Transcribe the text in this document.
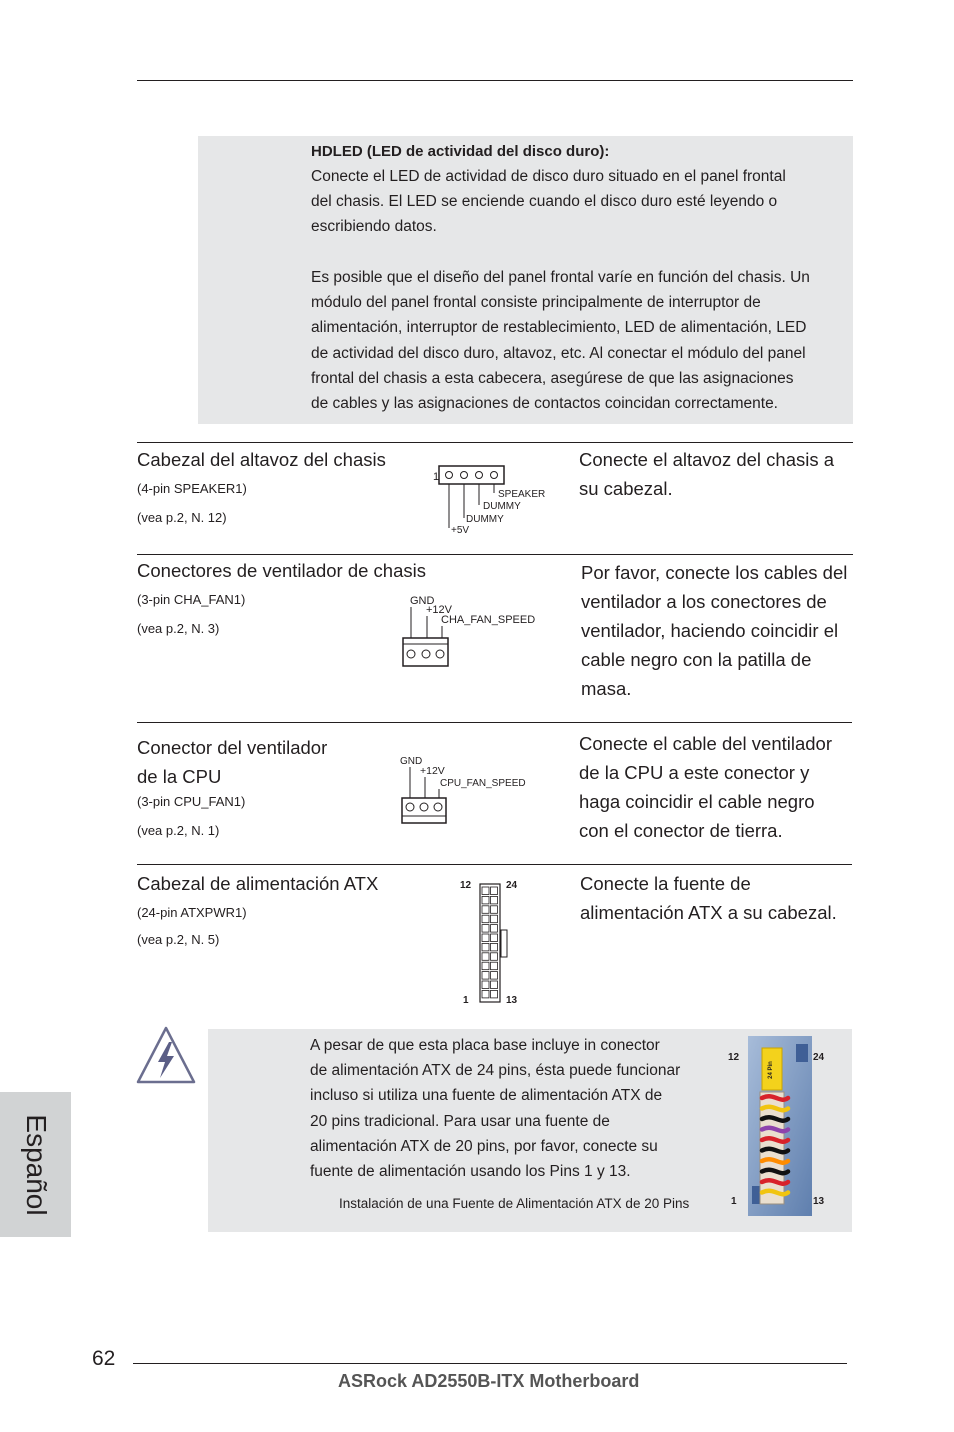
HDLED (LED de actividad del disco duro):
Conecte el LED de actividad de disco duro situado en el panel frontal
del chasis. El LED se enciende cuando el disco duro esté leyendo o
escribiendo datos.
Es posible que el diseño del panel frontal varíe en función del chasis. Un
módulo del panel frontal consiste principalmente de interruptor de
alimentación, interruptor de restablecimiento, LED de alimentación, LED
de actividad del disco duro, altavoz, etc. Al conectar el módulo del panel
frontal del chasis a esta cabecera, asegúrese de que las asignaciones
de cables y las asignaciones de contactos coincidan correctamente.
Cabezal del altavoz del chasis
(4-pin SPEAKER1)
(vea p.2, N. 12)
Conecte el altavoz del chasis a
su cabezal.
1
SPEAKER
DUMMY
DUMMY
+5V
Conectores de ventilador de chasis
(3-pin CHA_FAN1)
(vea p.2, N. 3)
Por favor, conecte los cables del
ventilador a los conectores de
ventilador, haciendo coincidir el
cable negro con la patilla de
masa.
GND
+12V
CHA_FAN_SPEED
Conector del ventilador
de la CPU
(3-pin CPU_FAN1)
(vea p.2, N. 1)
Conecte el cable del ventilador
de la CPU a este conector y
haga coincidir el cable negro
con el conector de tierra.
GND
+12V
CPU_FAN_SPEED
Cabezal de alimentación ATX
(24-pin ATXPWR1)
(vea p.2, N. 5)
Conecte la fuente de
alimentación ATX a su cabezal.
12	24
1	13
A pesar de que esta placa base incluye in conector
de alimentación ATX de 24 pins, ésta puede funcionar
incluso si utiliza una fuente de alimentación ATX de
20 pins tradicional. Para usar una fuente de
alimentación ATX de 20 pins, por favor, conecte su
fuente de alimentación usando los Pins 1 y 13.
Instalación de una Fuente de Alimentación ATX de 20 Pins
24 Pin
12	24
1	13
Español
62
ASRock AD2550B-ITX Motherboard
